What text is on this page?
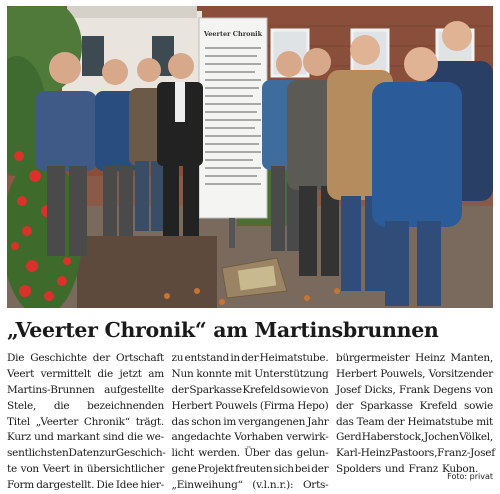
Veerter Chronik
„Veerter Chronik“ am Martinsbrunnen
Die Geschichte der Ortschaft
Veert vermittelt die jetzt am
Martins-Brunnen aufgestellte
Stele, die bezeichnenden
Titel „Veerter Chronik“ trägt.
Kurz und markant sind die we-
sentlichsten Daten zur Geschich-
te von Veert in übersichtlicher
Form dargestellt. Die Idee hier-
zu entstand in der Heimatstube.
Nun konnte mit Unterstützung
der Sparkasse Krefeld sowie von
Herbert Pouwels (Firma Hepo)
das schon im vergangenen Jahr
angedachte Vorhaben verwirk-
licht werden. Über das gelun-
gene Projekt freuten sich bei der
„Einweihung“ (v.l.n.r.): Orts-
bürgermeister Heinz Manten,
Herbert Pouwels, Vorsitzender
Josef Dicks, Frank Degens von
der Sparkasse Krefeld sowie
das Team der Heimatstube mit
Gerd Haberstock, Jochen Völkel,
Karl-Heinz Pastoors, Franz-Josef
Spolders und Franz Kubon.
Foto: privat
